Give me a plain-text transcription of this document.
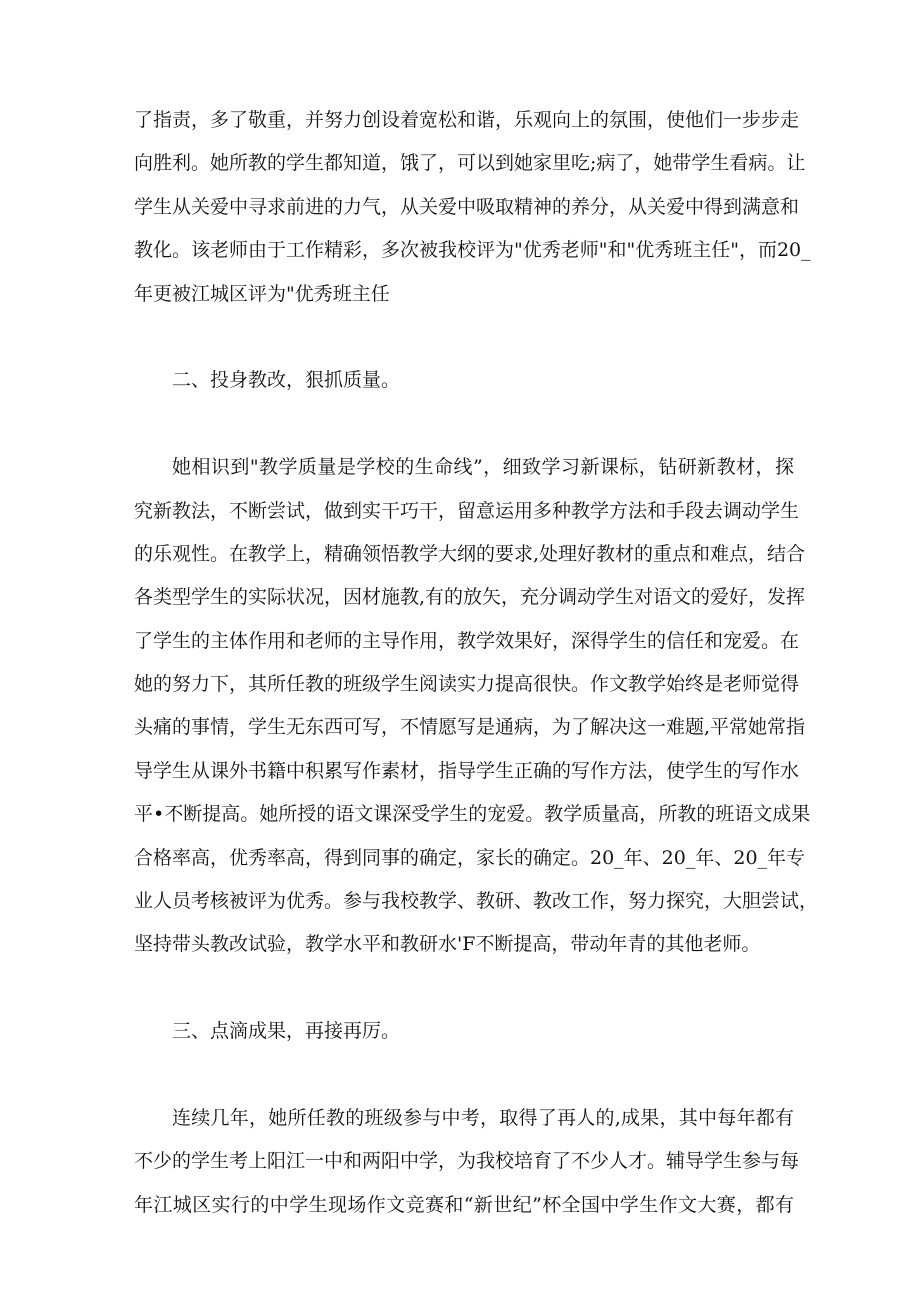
了指责，多了敬重，并努力创设着宽松和谐，乐观向上的氛围，使他们一步步走
向胜利。她所教的学生都知道，饿了，可以到她家里吃;病了，她带学生看病。让
学生从关爱中寻求前进的力气，从关爱中吸取精神的养分，从关爱中得到满意和
教化。该老师由于工作精彩，多次被我校评为"优秀老师"和"优秀班主任"，而20_
年更被江城区评为"优秀班主任
二、投身教改，狠抓质量。
她相识到"教学质量是学校的生命线”，细致学习新课标，钻研新教材，探
究新教法，不断尝试，做到实干巧干，留意运用多种教学方法和手段去调动学生
的乐观性。在教学上，精确领悟教学大纲的要求,处理好教材的重点和难点，结合
各类型学生的实际状况，因材施教,有的放矢，充分调动学生对语文的爱好，发挥
了学生的主体作用和老师的主导作用，教学效果好，深得学生的信任和宠爱。在
她的努力下，其所任教的班级学生阅读实力提高很快。作文教学始终是老师觉得
头痛的事情，学生无东西可写，不情愿写是通病，为了解决这一难题,平常她常指
导学生从课外书籍中积累写作素材，指导学生正确的写作方法，使学生的写作水
平•不断提高。她所授的语文课深受学生的宠爱。教学质量高，所教的班语文成果
合格率高，优秀率高，得到同事的确定，家长的确定。20_年、20_年、20_年专
业人员考核被评为优秀。参与我校教学、教研、教改工作，努力探究，大胆尝试，
坚持带头教改试验，教学水平和教研水'F不断提高，带动年青的其他老师。
三、点滴成果，再接再厉。
连续几年，她所任教的班级参与中考，取得了再人的,成果，其中每年都有
不少的学生考上阳江一中和两阳中学，为我校培育了不少人才。辅导学生参与每
年江城区实行的中学生现场作文竞赛和“新世纪”杯全国中学生作文大赛，都有
